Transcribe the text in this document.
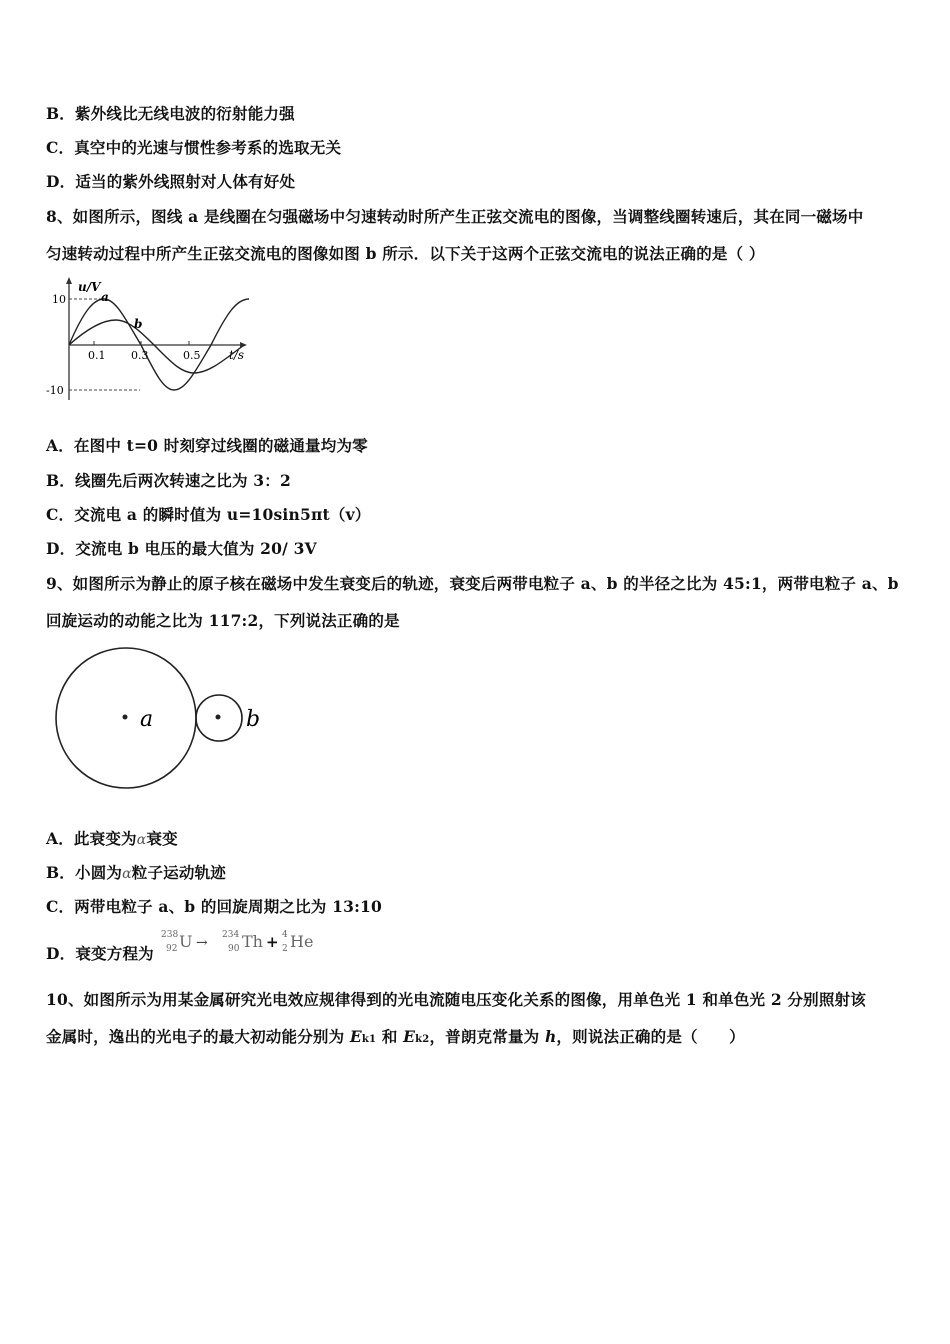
B．紫外线比无线电波的衍射能力强
C．真空中的光速与惯性参考系的选取无关
D．适当的紫外线照射对人体有好处
8、如图所示，图线 a 是线圈在匀强磁场中匀速转动时所产生正弦交流电的图像，当调整线圈转速后，其在同一磁场中
匀速转动过程中所产生正弦交流电的图像如图 b 所示．以下关于这两个正弦交流电的说法正确的是（ ）
u/V
10
-10
0.1 0.3	0.5 t/s
a
b
A．在图中 t=0 时刻穿过线圈的磁通量均为零
B．线圈先后两次转速之比为 3：2
C．交流电 a 的瞬时值为 u=10sin5πt（v）
D．交流电 b 电压的最大值为 20/ 3V
9、如图所示为静止的原子核在磁场中发生衰变后的轨迹，衰变后两带电粒子 a、b 的半径之比为 45:1，两带电粒子 a、b
回旋运动的动能之比为 117:2，下列说法正确的是
a	b
A．此衰变为α衰变
B．小圆为α粒子运动轨迹
C．两带电粒子 a、b 的回旋周期之比为 13:10
D．衰变方程为
238
92 U → 234
90 Th + 4
2 He
10、如图所示为用某金属研究光电效应规律得到的光电流随电压变化关系的图像，用单色光 1 和单色光 2 分别照射该
金属时，逸出的光电子的最大初动能分别为 Ek1 和 Ek2，普朗克常量为 h，则说法正确的是（　　）
